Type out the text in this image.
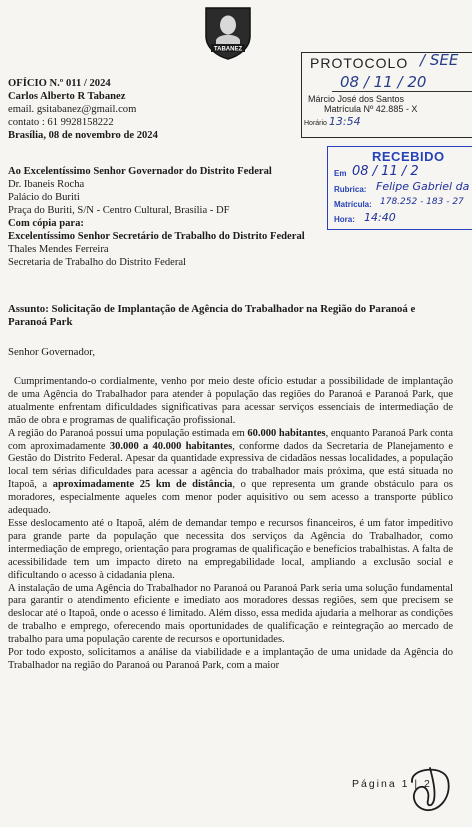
TABANEZ
OFÍCIO N.º 011 / 2024
Carlos Alberto R Tabanez
email. gsitabanez@gmail.com
contato : 61 9928158222
Brasília, 08 de novembro de 2024
PROTOCOLO / SEE
08 / 11 / 20
Márcio José dos Santos
Matrícula Nº 42.885 - X
Horário 13:54
RECEBIDO
Em 08 / 11 / 2
Rubrica: Felipe Gabriel da
Matrícula: 178.252 - 183 - 27
Hora: 14:40
Ao Excelentíssimo Senhor Governador do Distrito Federal
Dr. Ibaneis Rocha
Palácio do Buriti
Praça do Buriti, S/N - Centro Cultural, Brasília - DF
Com cópia para:
Excelentíssimo Senhor Secretário de Trabalho do Distrito Federal
Thales Mendes Ferreira
Secretaria de Trabalho do Distrito Federal
Assunto: Solicitação de Implantação de Agência do Trabalhador na Região do Paranoá e Paranoá Park
Senhor Governador,

Cumprimentando-o cordialmente, venho por meio deste ofício estudar a possibilidade de implantação de uma Agência do Trabalhador para atender à população das regiões do Paranoá e Paranoá Park, que atualmente enfrentam dificuldades significativas para acessar serviços essenciais de intermediação de mão de obra e programas de qualificação profissional.

A região do Paranoá possui uma população estimada em 60.000 habitantes, enquanto Paranoá Park conta com aproximadamente 30.000 a 40.000 habitantes, conforme dados da Secretaria de Planejamento e Gestão do Distrito Federal. Apesar da quantidade expressiva de cidadãos nessas localidades, a população local tem sérias dificuldades para acessar a agência do trabalhador mais próxima, que está situada no Itapoã, a aproximadamente 25 km de distância, o que representa um grande obstáculo para os moradores, especialmente aqueles com menor poder aquisitivo ou sem acesso a transporte público adequado.

Esse deslocamento até o Itapoã, além de demandar tempo e recursos financeiros, é um fator impeditivo para grande parte da população que necessita dos serviços da Agência do Trabalhador, como intermediação de emprego, orientação para programas de qualificação e benefícios trabalhistas. A falta de acessibilidade tem um impacto direto na empregabilidade local, ampliando a exclusão social e dificultando o acesso à cidadania plena.

A instalação de uma Agência do Trabalhador no Paranoá ou Paranoá Park seria uma solução fundamental para garantir o atendimento eficiente e imediato aos moradores dessas regiões, sem que precisem se deslocar até o Itapoã, onde o acesso é limitado. Além disso, essa medida ajudaria a melhorar as condições de trabalho e emprego, oferecendo mais oportunidades de qualificação e reintegração ao mercado de trabalho para uma população carente de recursos e oportunidades.

Por todo exposto, solicitamos a análise da viabilidade e a implantação de uma unidade da Agência do Trabalhador na região do Paranoá ou Paranoá Park, com a maior

Página 1 | 2
